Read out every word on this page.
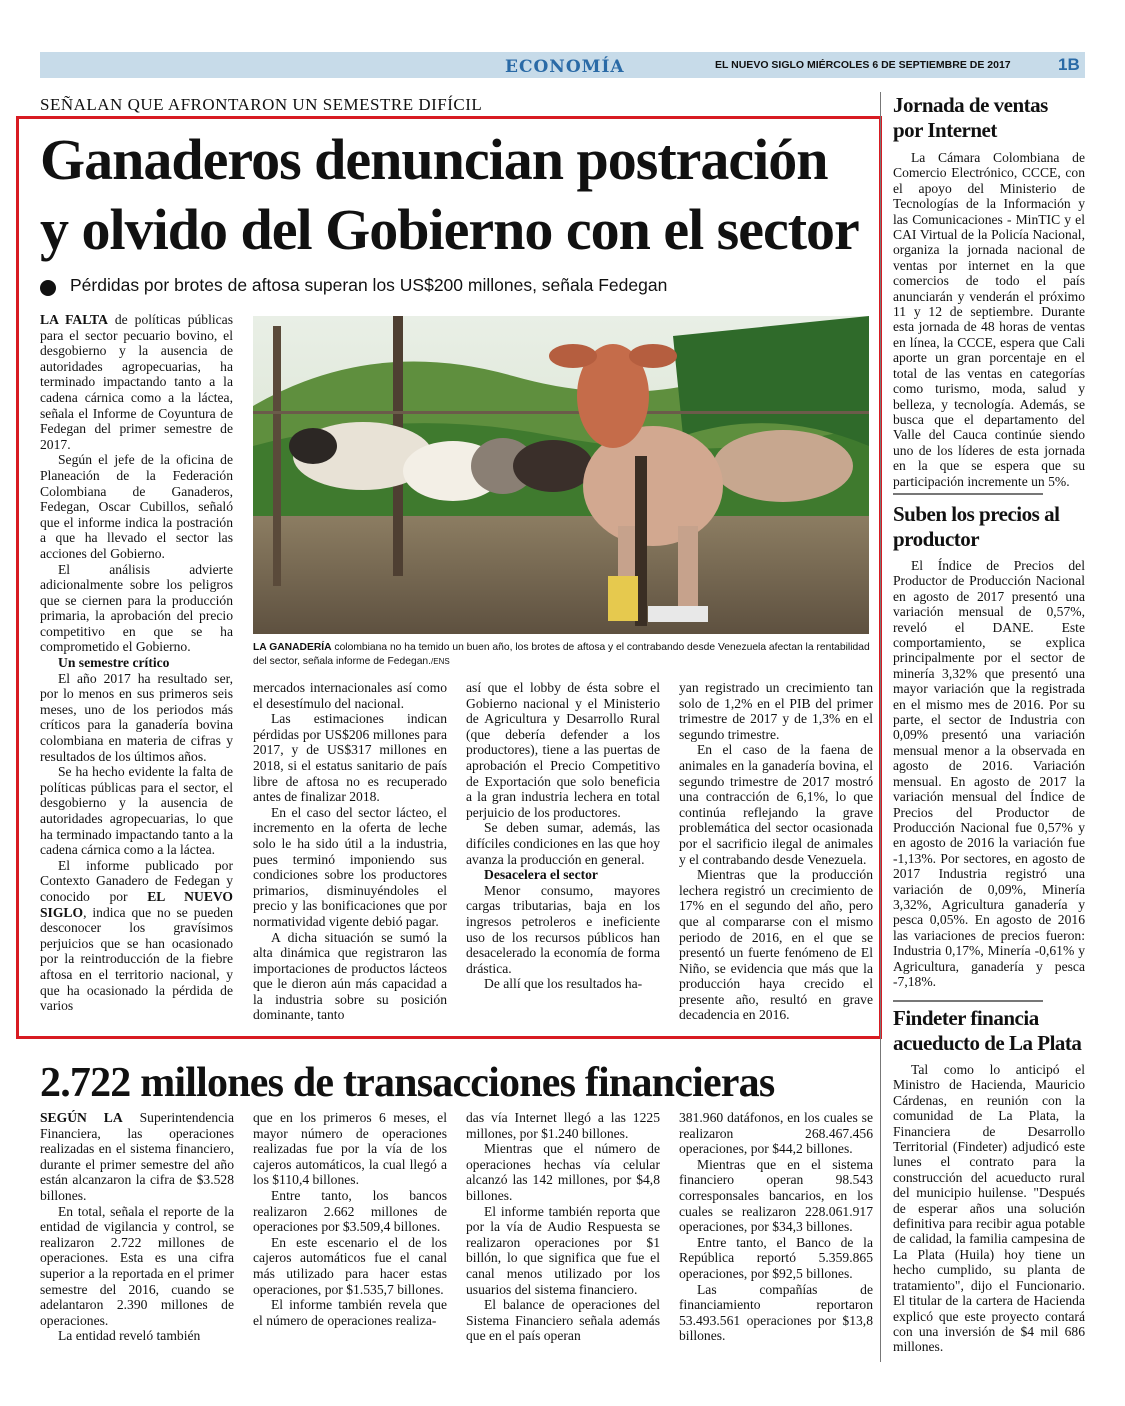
ECONOMÍA	EL NUEVO SIGLO MIÉRCOLES 6 DE SEPTIEMBRE DE 2017	1B
SEÑALAN QUE AFRONTARON UN SEMESTRE DIFÍCIL
Ganaderos denuncian postración
y olvido del Gobierno con el sector
Pérdidas por brotes de aftosa superan los US$200 millones, señala Fedegan

LA FALTA de políticas públicas para el sector pecuario bovino, el desgobierno y la ausencia de autoridades agropecuarias, ha terminado impactando tanto a la cadena cárnica como a la láctea, señala el Informe de Coyuntura de Fedegan del primer semestre de 2017.

Según el jefe de la oficina de Planeación de la Federación Colombiana de Ganaderos, Fedegan, Oscar Cubillos, señaló que el informe indica la postración a que ha llevado el sector las acciones del Gobierno.

El análisis advierte adicionalmente sobre los peligros que se ciernen para la producción primaria, la aprobación del precio competitivo en que se ha comprometido el Gobierno.

Un semestre crítico

El año 2017 ha resultado ser, por lo menos en sus primeros seis meses, uno de los periodos más críticos para la ganadería bovina colombiana en materia de cifras y resultados de los últimos años.

Se ha hecho evidente la falta de políticas públicas para el sector, el desgobierno y la ausencia de autoridades agropecuarias, lo que ha terminado impactando tanto a la cadena cárnica como a la láctea.

El informe publicado por Contexto Ganadero de Fedegan y conocido por EL NUEVO SIGLO, indica que no se pueden desconocer los gravísimos perjuicios que se han ocasionado por la reintroducción de la fiebre aftosa en el territorio nacional, y que ha ocasionado la pérdida de varios

LA GANADERÍA colombiana no ha temido un buen año, los brotes de aftosa y el contrabando desde Venezuela afectan la rentabilidad del sector, señala informe de Fedegan./ENS

mercados internacionales así como el desestímulo del nacional.

Las estimaciones indican pérdidas por US$206 millones para 2017, y de US$317 millones en 2018, si el estatus sanitario de país libre de aftosa no es recuperado antes de finalizar 2018.

En el caso del sector lácteo, el incremento en la oferta de leche solo le ha sido útil a la industria, pues terminó imponiendo sus condiciones sobre los productores primarios, disminuyéndoles el precio y las bonificaciones que por normatividad vigente debió pagar.

A dicha situación se sumó la alta dinámica que registraron las importaciones de productos lácteos que le dieron aún más capacidad a la industria sobre su posición dominante, tanto

así que el lobby de ésta sobre el Gobierno nacional y el Ministerio de Agricultura y Desarrollo Rural (que debería defender a los productores), tiene a las puertas de aprobación el Precio Competitivo de Exportación que solo beneficia a la gran industria lechera en total perjuicio de los productores.

Se deben sumar, además, las difíciles condiciones en las que hoy avanza la producción en general.

Desacelera el sector

Menor consumo, mayores cargas tributarias, baja en los ingresos petroleros e ineficiente uso de los recursos públicos han desacelerado la economía de forma drástica.

De allí que los resultados ha-

yan registrado un crecimiento tan solo de 1,2% en el PIB del primer trimestre de 2017 y de 1,3% en el segundo trimestre.

En el caso de la faena de animales en la ganadería bovina, el segundo trimestre de 2017 mostró una contracción de 6,1%, lo que continúa reflejando la grave problemática del sector ocasionada por el sacrificio ilegal de animales y el contrabando desde Venezuela.

Mientras que la producción lechera registró un crecimiento de 17% en el segundo del año, pero que al compararse con el mismo periodo de 2016, en el que se presentó un fuerte fenómeno de El Niño, se evidencia que más que la producción haya crecido el presente año, resultó en grave decadencia en 2016.

Jornada de ventas por Internet

La Cámara Colombiana de Comercio Electrónico, CCCE, con el apoyo del Ministerio de Tecnologías de la Información y las Comunicaciones - MinTIC y el CAI Virtual de la Policía Nacional, organiza la jornada nacional de ventas por internet en la que comercios de todo el país anunciarán y venderán el próximo 11 y 12 de septiembre. Durante esta jornada de 48 horas de ventas en línea, la CCCE, espera que Cali aporte un gran porcentaje en el total de las ventas en categorías como turismo, moda, salud y belleza, y tecnología. Además, se busca que el departamento del Valle del Cauca continúe siendo uno de los líderes de esta jornada en la que se espera que su participación incremente un 5%.

Suben los precios al productor

El Índice de Precios del Productor de Producción Nacional en agosto de 2017 presentó una variación mensual de 0,57%, reveló el DANE. Este comportamiento, se explica principalmente por el sector de minería 3,32% que presentó una mayor variación que la registrada en el mismo mes de 2016. Por su parte, el sector de Industria con 0,09% presentó una variación mensual menor a la observada en agosto de 2016. Variación mensual. En agosto de 2017 la variación mensual del Índice de Precios del Productor de Producción Nacional fue 0,57% y en agosto de 2016 la variación fue -1,13%. Por sectores, en agosto de 2017 Industria registró una variación de 0,09%, Minería 3,32%, Agricultura ganadería y pesca 0,05%. En agosto de 2016 las variaciones de precios fueron: Industria 0,17%, Minería -0,61% y Agricultura, ganadería y pesca -7,18%.

Findeter financia acueducto de La Plata

Tal como lo anticipó el Ministro de Hacienda, Mauricio Cárdenas, en reunión con la comunidad de La Plata, la Financiera de Desarrollo Territorial (Findeter) adjudicó este lunes el contrato para la construcción del acueducto rural del municipio huilense. "Después de esperar años una solución definitiva para recibir agua potable de calidad, la familia campesina de La Plata (Huila) hoy tiene un hecho cumplido, su planta de tratamiento", dijo el Funcionario. El titular de la cartera de Hacienda explicó que este proyecto contará con una inversión de $4 mil 686 millones.

2.722 millones de transacciones financieras

SEGÚN LA Superintendencia Financiera, las operaciones realizadas en el sistema financiero, durante el primer semestre del año están alcanzaron la cifra de $3.528 billones.

En total, señala el reporte de la entidad de vigilancia y control, se realizaron 2.722 millones de operaciones. Esta es una cifra superior a la reportada en el primer semestre del 2016, cuando se adelantaron 2.390 millones de operaciones.

La entidad reveló también

que en los primeros 6 meses, el mayor número de operaciones realizadas fue por la vía de los cajeros automáticos, la cual llegó a los $110,4 billones.

Entre tanto, los bancos realizaron 2.662 millones de operaciones por $3.509,4 billones.

En este escenario el de los cajeros automáticos fue el canal más utilizado para hacer estas operaciones, por $1.535,7 billones.

El informe también revela que el número de operaciones realiza-

das vía Internet llegó a las 1225 millones, por $1.240 billones.

Mientras que el número de operaciones hechas vía celular alcanzó las 142 millones, por $4,8 billones.

El informe también reporta que por la vía de Audio Respuesta se realizaron operaciones por $1 billón, lo que significa que fue el canal menos utilizado por los usuarios del sistema financiero.

El balance de operaciones del Sistema Financiero señala además que en el país operan

381.960 datáfonos, en los cuales se realizaron 268.467.456 operaciones, por $44,2 billones.

Mientras que en el sistema financiero operan 98.543 corresponsales bancarios, en los cuales se realizaron 228.061.917 operaciones, por $34,3 billones.

Entre tanto, el Banco de la República reportó 5.359.865 operaciones, por $92,5 billones.

Las compañías de financiamiento reportaron 53.493.561 operaciones por $13,8 billones.
